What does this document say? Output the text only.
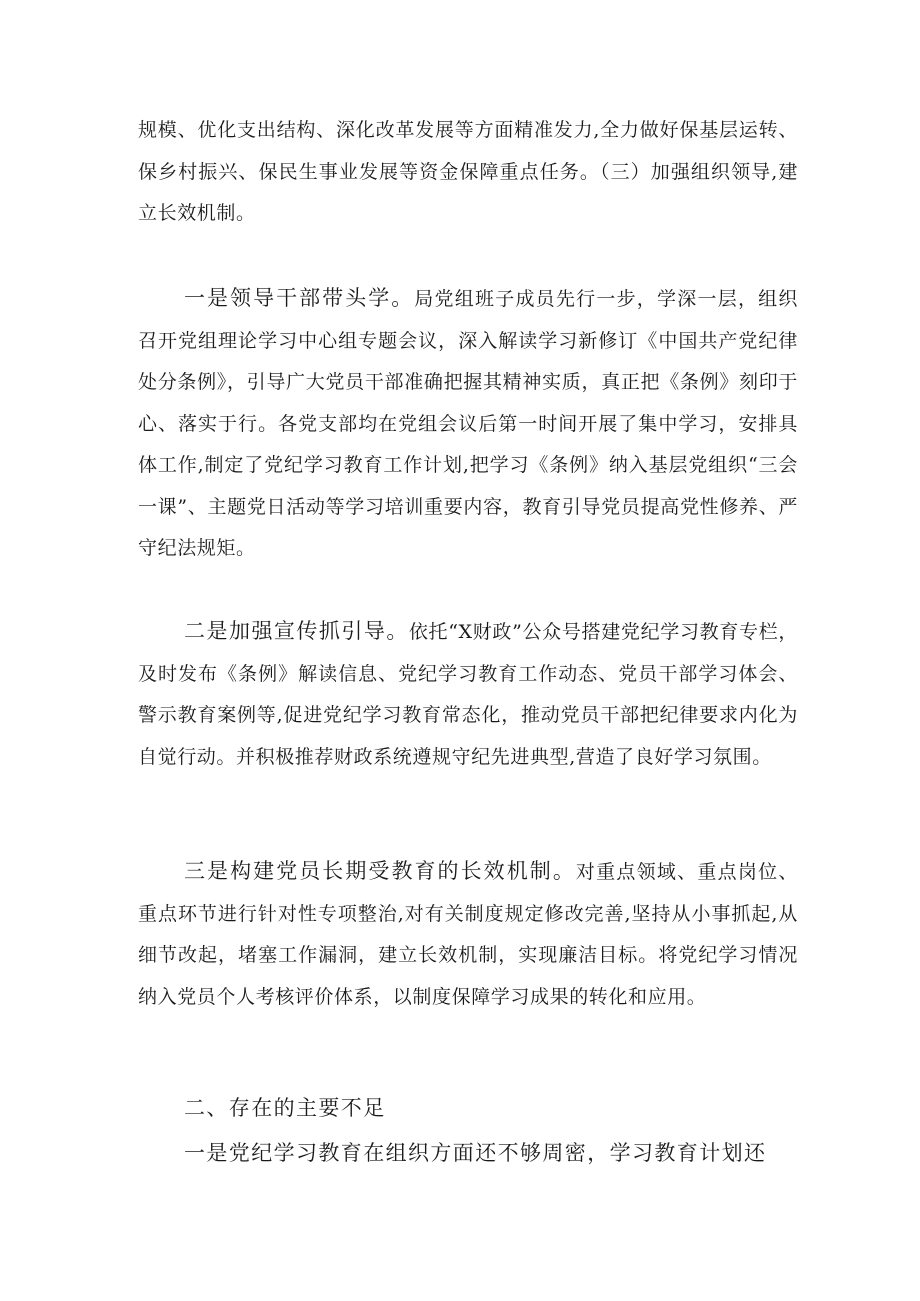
规模、优化支出结构、深化改革发展等方面精准发力,全力做好保基层运转、保乡村振兴、保民生事业发展等资金保障重点任务。（三）加强组织领导,建立长效机制。

一是领导干部带头学。局党组班子成员先行一步，学深一层，组织召开党组理论学习中心组专题会议，深入解读学习新修订《中国共产党纪律处分条例》，引导广大党员干部准确把握其精神实质，真正把《条例》刻印于心、落实于行。各党支部均在党组会议后第一时间开展了集中学习，安排具体工作,制定了党纪学习教育工作计划,把学习《条例》纳入基层党组织“三会一课”、主题党日活动等学习培训重要内容，教育引导党员提高党性修养、严守纪法规矩。

二是加强宣传抓引导。依托“X财政”公众号搭建党纪学习教育专栏，及时发布《条例》解读信息、党纪学习教育工作动态、党员干部学习体会、警示教育案例等,促进党纪学习教育常态化，推动党员干部把纪律要求内化为自觉行动。并积极推荐财政系统遵规守纪先进典型,营造了良好学习氛围。

三是构建党员长期受教育的长效机制。对重点领域、重点岗位、重点环节进行针对性专项整治,对有关制度规定修改完善,坚持从小事抓起,从细节改起，堵塞工作漏洞，建立长效机制，实现廉洁目标。将党纪学习情况纳入党员个人考核评价体系，以制度保障学习成果的转化和应用。

二、存在的主要不足

一是党纪学习教育在组织方面还不够周密，学习教育计划还
